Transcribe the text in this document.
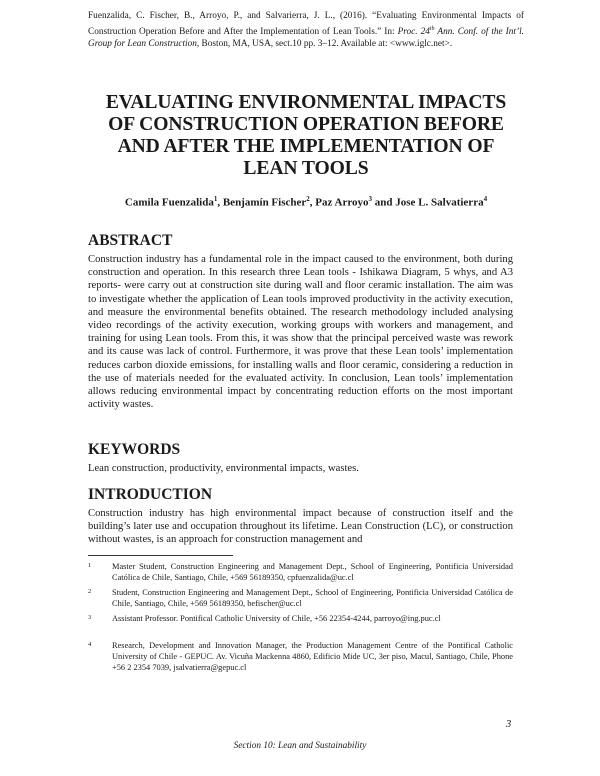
Fuenzalida, C. Fischer, B., Arroyo, P., and Salvarierra, J. L., (2016). “Evaluating Environmental Impacts of Construction Operation Before and After the Implementation of Lean Tools.” In: Proc. 24th Ann. Conf. of the Int’l. Group for Lean Construction, Boston, MA, USA, sect.10 pp. 3–12. Available at: <www.iglc.net>.
EVALUATING ENVIRONMENTAL IMPACTS
OF CONSTRUCTION OPERATION BEFORE
AND AFTER THE IMPLEMENTATION OF
LEAN TOOLS
Camila Fuenzalida$^1$, Benjamín Fischer$^2$, Paz Arroyo$^3$ and Jose L. Salvatierra$^4$
ABSTRACT
Construction industry has a fundamental role in the impact caused to the environment, both during construction and operation. In this research three Lean tools - Ishikawa Diagram, 5 whys, and A3 reports- were carry out at construction site during wall and floor ceramic installation. The aim was to investigate whether the application of Lean tools improved productivity in the activity execution, and measure the environmental benefits obtained. The research methodology included analysing video recordings of the activity execution, working groups with workers and management, and training for using Lean tools. From this, it was show that the principal perceived waste was rework and its cause was lack of control. Furthermore, it was prove that these Lean tools’ implementation reduces carbon dioxide emissions, for installing walls and floor ceramic, considering a reduction in the use of materials needed for the evaluated activity. In conclusion, Lean tools’ implementation allows reducing environmental impact by concentrating reduction efforts on the most important activity wastes.
KEYWORDS
Lean construction, productivity, environmental impacts, wastes.
INTRODUCTION
Construction industry has high environmental impact because of construction itself and the building’s later use and occupation throughout its lifetime. Lean Construction (LC), or construction without wastes, is an approach for construction management and
1 Master Student, Construction Engineering and Management Dept., School of Engineering, Pontificia Universidad Católica de Chile, Santiago, Chile, +569 56189350, cpfuenzalida@uc.cl
2 Student, Construction Engineering and Management Dept., School of Engineering, Pontificia Universidad Católica de Chile, Santiago, Chile, +569 56189350, befischer@uc.cl
3 Assistant Professor. Pontifical Catholic University of Chile, +56 22354-4244, parroyo@ing.puc.cl
4 Research, Development and Innovation Manager, the Production Management Centre of the Pontifical Catholic University of Chile - GEPUC. Av. Vicuña Mackenna 4860, Edificio Mide UC, 3er piso, Macul, Santiago, Chile, Phone +56 2 2354 7039, jsalvatierra@gepuc.cl
3
Section 10: Lean and Sustainability
